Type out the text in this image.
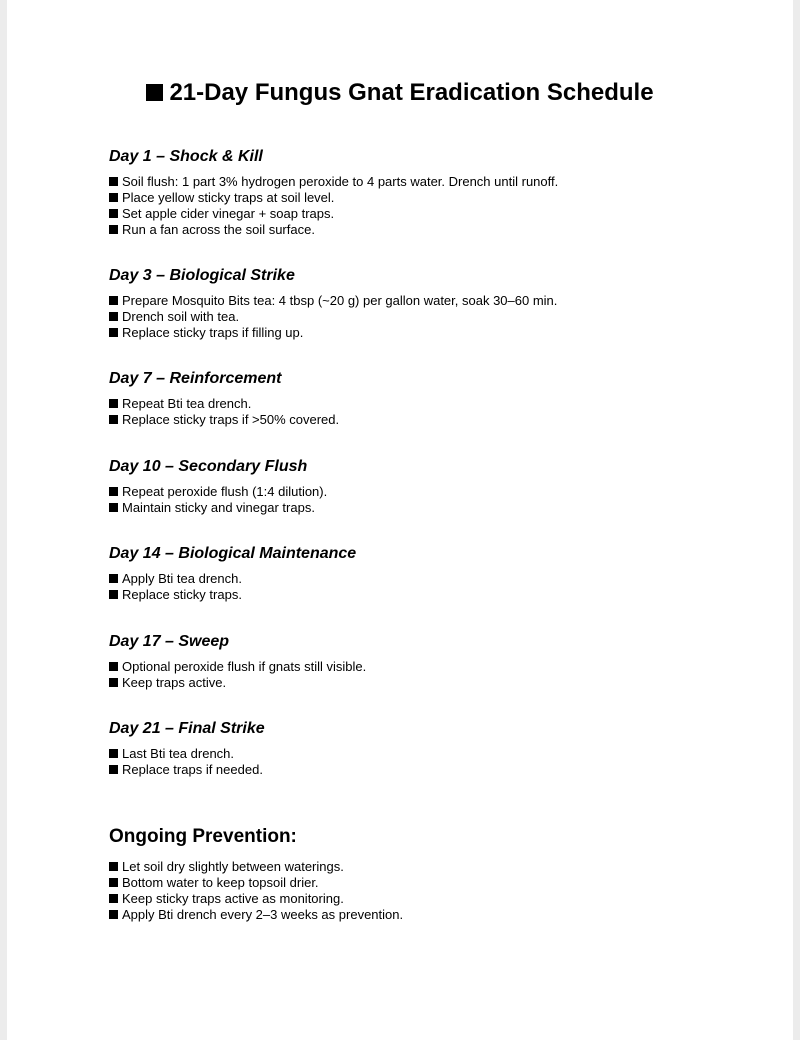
21-Day Fungus Gnat Eradication Schedule
Day 1 – Shock & Kill
Soil flush: 1 part 3% hydrogen peroxide to 4 parts water. Drench until runoff.
Place yellow sticky traps at soil level.
Set apple cider vinegar + soap traps.
Run a fan across the soil surface.
Day 3 – Biological Strike
Prepare Mosquito Bits tea: 4 tbsp (~20 g) per gallon water, soak 30–60 min.
Drench soil with tea.
Replace sticky traps if filling up.
Day 7 – Reinforcement
Repeat Bti tea drench.
Replace sticky traps if >50% covered.
Day 10 – Secondary Flush
Repeat peroxide flush (1:4 dilution).
Maintain sticky and vinegar traps.
Day 14 – Biological Maintenance
Apply Bti tea drench.
Replace sticky traps.
Day 17 – Sweep
Optional peroxide flush if gnats still visible.
Keep traps active.
Day 21 – Final Strike
Last Bti tea drench.
Replace traps if needed.
Ongoing Prevention:
Let soil dry slightly between waterings.
Bottom water to keep topsoil drier.
Keep sticky traps active as monitoring.
Apply Bti drench every 2–3 weeks as prevention.
